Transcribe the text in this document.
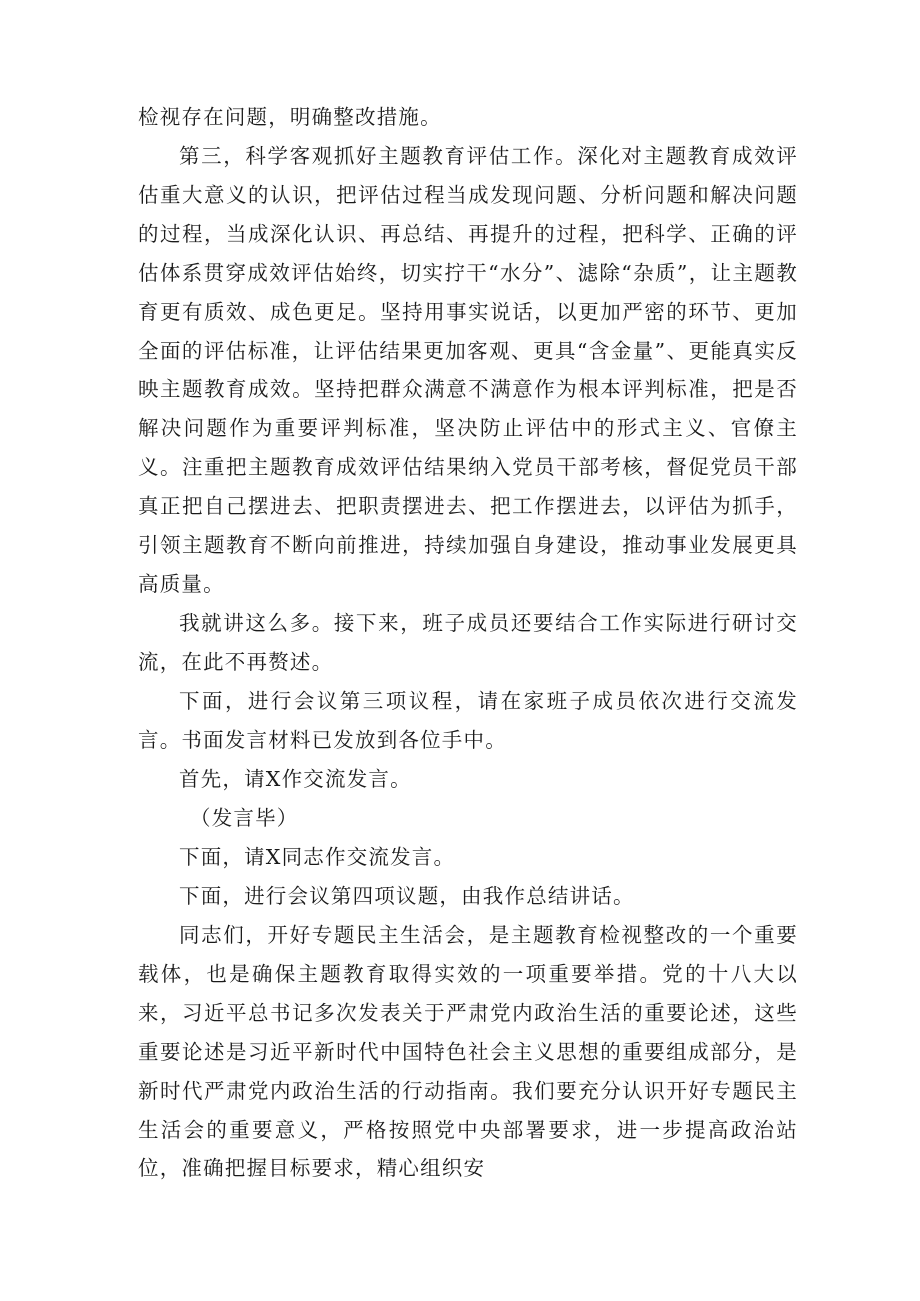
检视存在问题，明确整改措施。

第三，科学客观抓好主题教育评估工作。深化对主题教育成效评估重大意义的认识，把评估过程当成发现问题、分析问题和解决问题的过程，当成深化认识、再总结、再提升的过程，把科学、正确的评估体系贯穿成效评估始终，切实拧干“水分”、滤除“杂质”，让主题教育更有质效、成色更足。坚持用事实说话，以更加严密的环节、更加全面的评估标准，让评估结果更加客观、更具“含金量”、更能真实反映主题教育成效。坚持把群众满意不满意作为根本评判标准，把是否解决问题作为重要评判标准，坚决防止评估中的形式主义、官僚主义。注重把主题教育成效评估结果纳入党员干部考核，督促党员干部真正把自己摆进去、把职责摆进去、把工作摆进去，以评估为抓手，引领主题教育不断向前推进，持续加强自身建设，推动事业发展更具高质量。

我就讲这么多。接下来，班子成员还要结合工作实际进行研讨交流，在此不再赘述。

下面，进行会议第三项议程，请在家班子成员依次进行交流发言。书面发言材料已发放到各位手中。

首先，请X作交流发言。

（发言毕）

下面，请X同志作交流发言。

下面，进行会议第四项议题，由我作总结讲话。

同志们，开好专题民主生活会，是主题教育检视整改的一个重要载体，也是确保主题教育取得实效的一项重要举措。党的十八大以来，习近平总书记多次发表关于严肃党内政治生活的重要论述，这些重要论述是习近平新时代中国特色社会主义思想的重要组成部分，是新时代严肃党内政治生活的行动指南。我们要充分认识开好专题民主生活会的重要意义，严格按照党中央部署要求，进一步提高政治站位，准确把握目标要求，精心组织安
